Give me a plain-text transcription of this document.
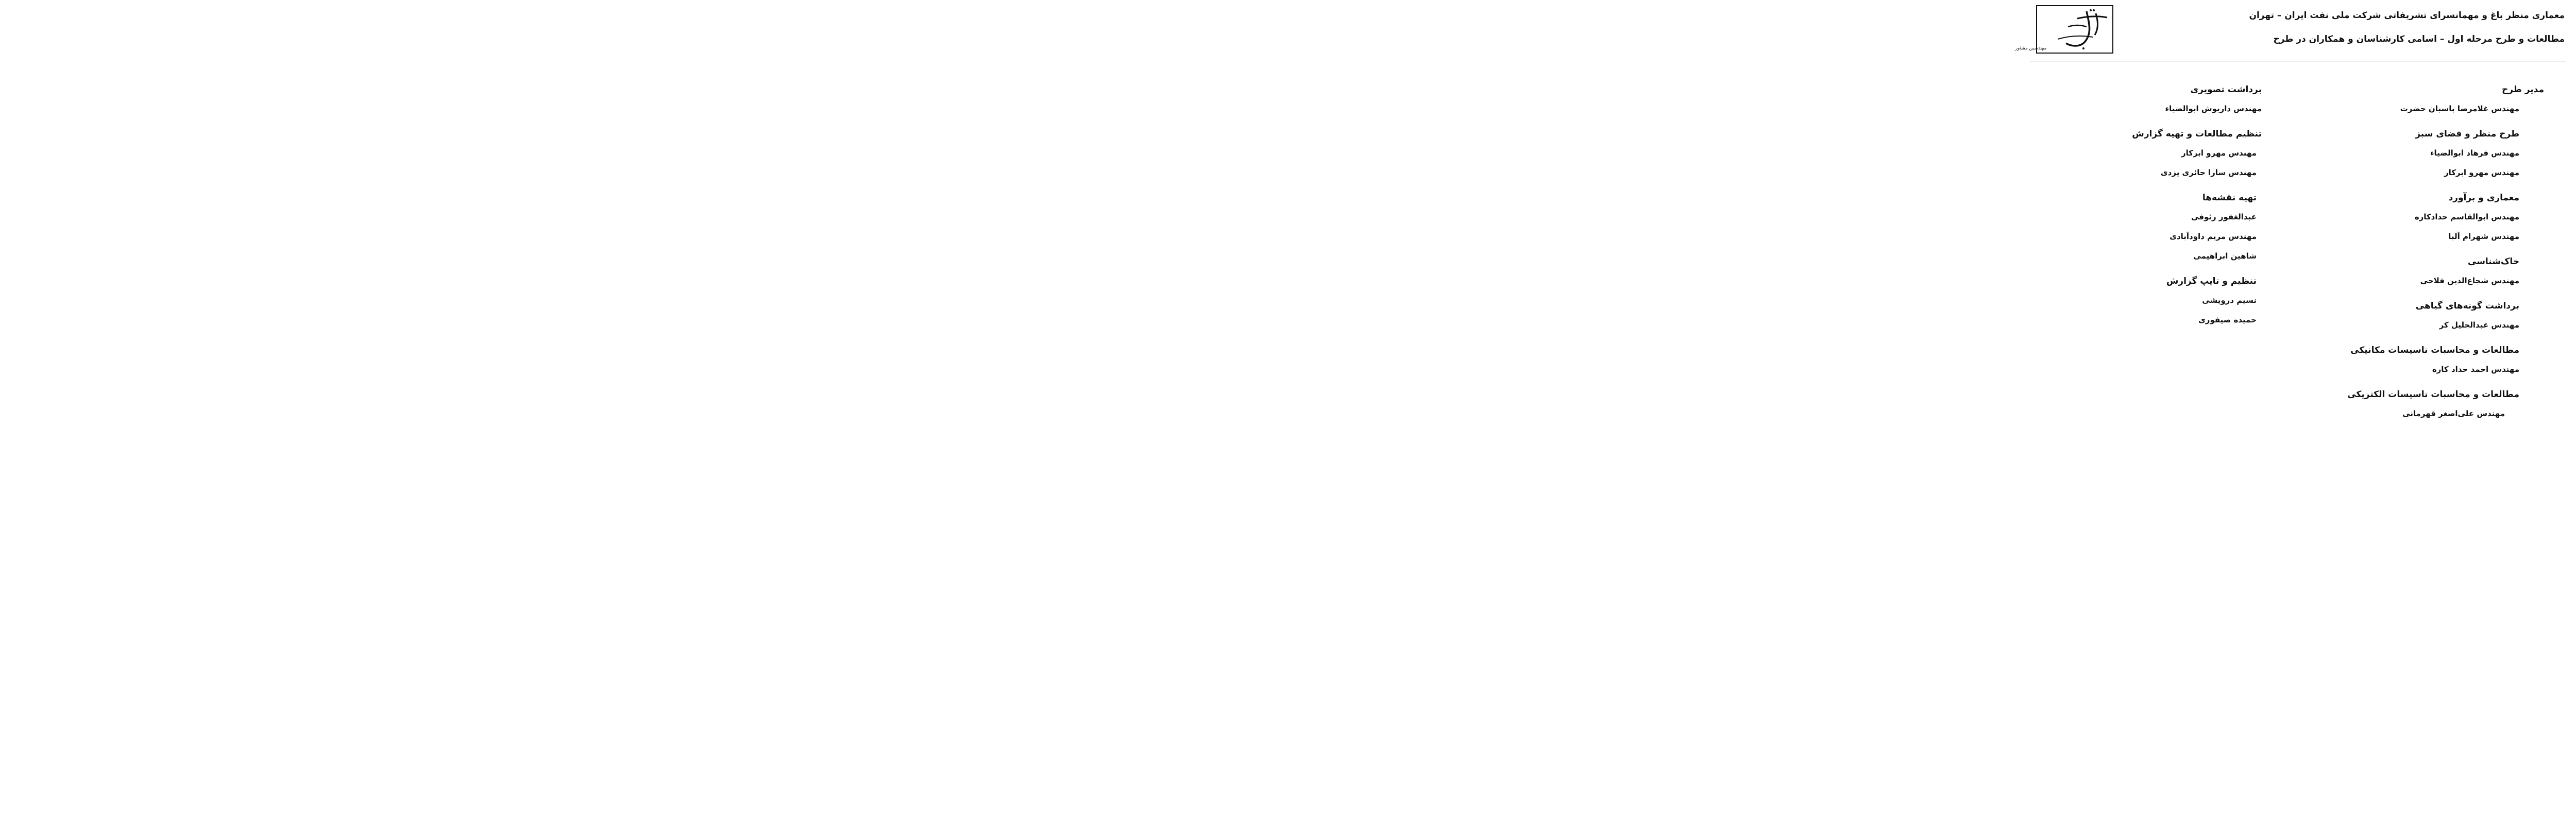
مهندسین مشاور
معماری منظر باغ و مهمانسرای تشریفاتی شرکت ملی نفت ایران – تهران
مطالعات و طرح مرحله اول – اسامی کارشناسان و همکاران در طرح
مدیر طرح
مهندس غلامرضا پاسبان حضرت
طرح منظر و فضای سبز
مهندس فرهاد ابوالضیاء
مهندس مهرو ابرکار
معماری و برآورد
مهندس ابوالقاسم حدادکاره
مهندس شهرام آلبا
خاک‌شناسی
مهندس شجاع‌الدین فلاحی
برداشت گونه‌های گیاهی
مهندس عبدالجلیل کر
مطالعات و محاسبات تاسیسات مکانیکی
مهندس احمد حداد کاره
مطالعات و محاسبات تاسیسات الکتریکی
مهندس علی‌اصغر قهرمانی
برداشت تصویری
مهندس داریوش ابوالضیاء
تنظیم مطالعات و تهیه گزارش
مهندس مهرو ابرکار
مهندس سارا حائری یزدی
تهیه نقشه‌ها
عبدالغفور رئوفی
مهندس مریم داودآبادی
شاهین ابراهیمی
تنظیم و تایپ گزارش
نسیم درویشی
حمیده صیفوری
